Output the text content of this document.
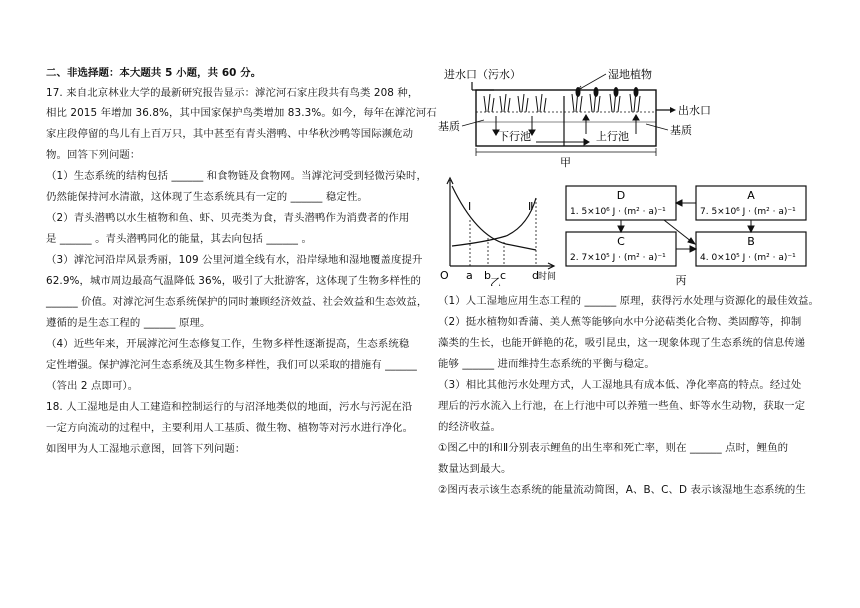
二、非选择题：本大题共 5 小题，共 60 分。
17. 来自北京林业大学的最新研究报告显示：滹沱河石家庄段共有鸟类 208 种，
相比 2015 年增加 36.8%，其中国家保护鸟类增加 83.3%。如今，每年在滹沱河石
家庄段停留的鸟儿有上百万只，其中甚至有青头潜鸭、中华秋沙鸭等国际濒危动
物。回答下列问题：
（1）生态系统的结构包括 ______ 和食物链及食物网。当滹沱河受到轻微污染时，
仍然能保持河水清澈，这体现了生态系统具有一定的 ______ 稳定性。
（2）青头潜鸭以水生植物和鱼、虾、贝壳类为食，青头潜鸭作为消费者的作用
是 ______ 。青头潜鸭同化的能量，其去向包括 ______ 。
（3）滹沱河沿岸风景秀丽，109 公里河道全线有水，沿岸绿地和湿地覆盖度提升
62.9%，城市周边最高气温降低 36%，吸引了大批游客，这体现了生物多样性的
______ 价值。对滹沱河生态系统保护的同时兼顾经济效益、社会效益和生态效益，
遵循的是生态工程的 ______ 原理。
（4）近些年来，开展滹沱河生态修复工作，生物多样性逐渐提高，生态系统稳
定性增强。保护滹沱河生态系统及其生物多样性，我们可以采取的措施有 ______
（答出 2 点即可）。
18. 人工湿地是由人工建造和控制运行的与沼泽地类似的地面，污水与污泥在沿
一定方向流动的过程中，主要利用人工基质、微生物、植物等对污水进行净化。
如图甲为人工湿地示意图，回答下列问题：
进水口（污水）	湿地植物
下行池	上行池
基质	基质
出水口
甲
Ⅰ	Ⅱ
O a b c d 时间
乙
D
1. 5×10⁶ J · (m² · a)⁻¹
A
7. 5×10⁶ J · (m² · a)⁻¹
C
2. 7×10⁵ J · (m² · a)⁻¹
B
4. 0×10⁵ J · (m² · a)⁻¹
丙
（1）人工湿地应用生态工程的 ______ 原理，获得污水处理与资源化的最佳效益。
（2）挺水植物如香蒲、美人蕉等能够向水中分泌萜类化合物、类固醇等，抑制
藻类的生长，也能开鲜艳的花，吸引昆虫，这一现象体现了生态系统的信息传递
能够 ______ 进而维持生态系统的平衡与稳定。
（3）相比其他污水处理方式，人工湿地具有成本低、净化率高的特点。经过处
理后的污水流入上行池，在上行池中可以养殖一些鱼、虾等水生动物，获取一定
的经济收益。
①图乙中的Ⅰ和Ⅱ分别表示鲤鱼的出生率和死亡率，则在 ______ 点时，鲤鱼的
数量达到最大。
②图丙表示该生态系统的能量流动简图，A、B、C、D 表示该湿地生态系统的生
